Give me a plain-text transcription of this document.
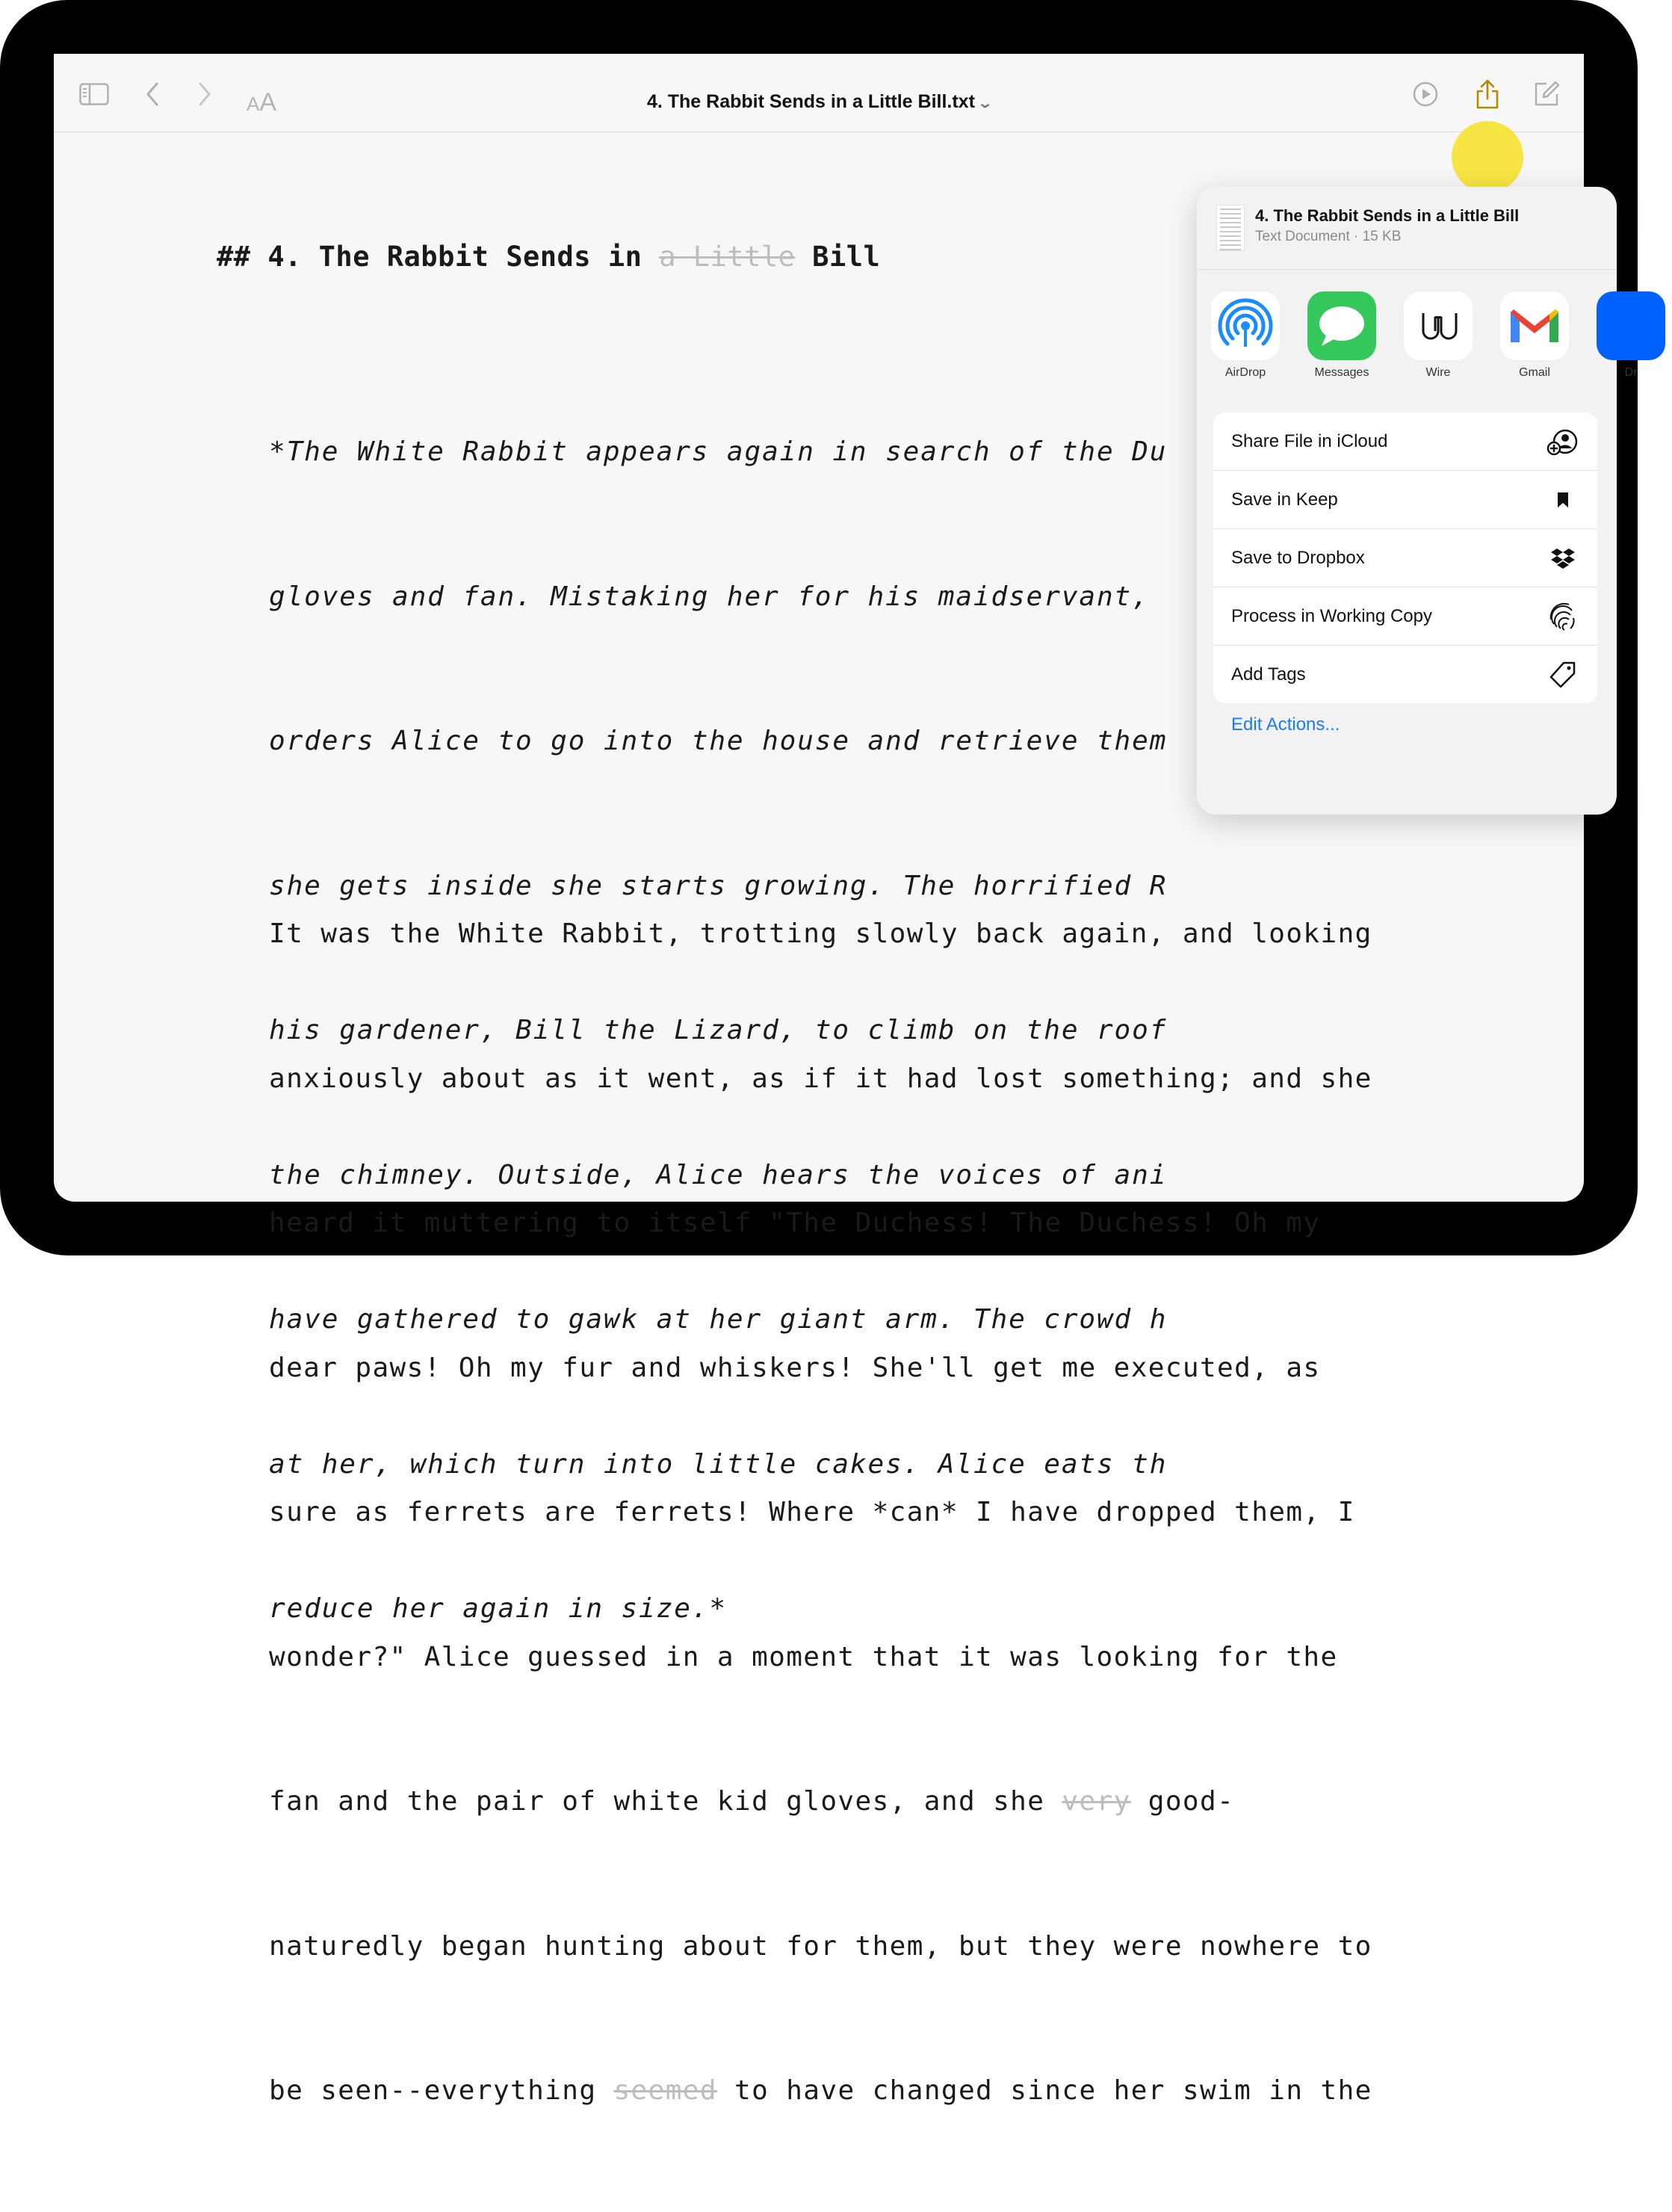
AA	4. The Rabbit Sends in a Little Bill.txt ⌄
## 4. The Rabbit Sends in a Little Bill

*The White Rabbit appears again in search of the Du

gloves and fan. Mistaking her for his maidservant,

orders Alice to go into the house and retrieve them

she gets inside she starts growing. The horrified R

his gardener, Bill the Lizard, to climb on the roof

the chimney. Outside, Alice hears the voices of ani

have gathered to gawk at her giant arm. The crowd h

at her, which turn into little cakes. Alice eats th

reduce her again in size.*

It was the White Rabbit, trotting slowly back again, and looking

anxiously about as it went, as if it had lost something; and she

heard it muttering to itself "The Duchess! The Duchess! Oh my

dear paws! Oh my fur and whiskers! She'll get me executed, as

sure as ferrets are ferrets! Where *can* I have dropped them, I

wonder?" Alice guessed in a moment that it was looking for the

fan and the pair of white kid gloves, and she very good-

naturedly began hunting about for them, but they were nowhere to

be seen--everything seemed to have changed since her swim in the

4. The Rabbit Sends in a Little Bill
Text Document · 15 KB
AirDrop	Messages	Wire	Gmail	Dr
Share File in iCloud
Save in Keep
Save to Dropbox
Process in Working Copy
Add Tags
Edit Actions...
